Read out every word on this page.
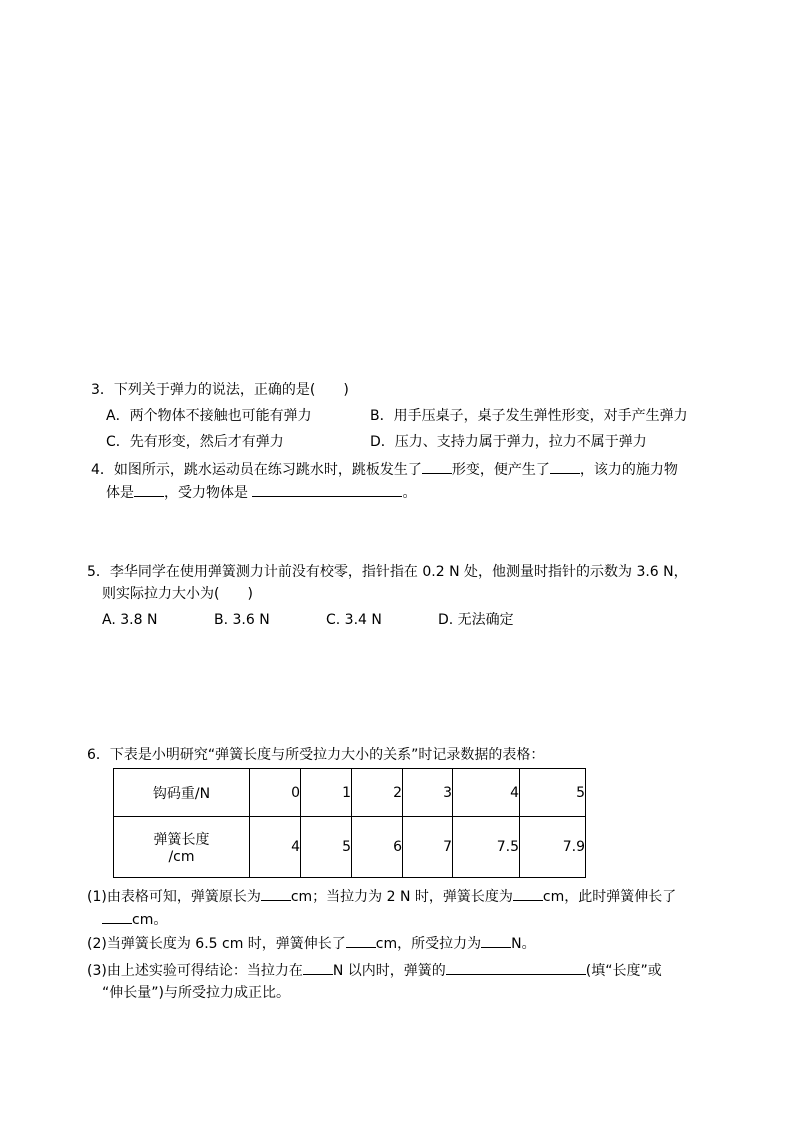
3．下列关于弹力的说法，正确的是(　　)
A．两个物体不接触也可能有弹力	B．用手压桌子，桌子发生弹性形变，对手产生弹力
C．先有形变，然后才有弹力	D．压力、支持力属于弹力，拉力不属于弹力
4．如图所示，跳水运动员在练习跳水时，跳板发生了 形变，便产生了 ，该力的施力物
体是 ，受力物体是	。
5．李华同学在使用弹簧测力计前没有校零，指针指在 0.2 N 处，他测量时指针的示数为 3.6 N，
则实际拉力大小为(　　)
A. 3.8 N	B. 3.6 N	C. 3.4 N	D. 无法确定
6．下表是小明研究“弹簧长度与所受拉力大小的关系”时记录数据的表格：
钩码重/N	0	1	2	3	4	5

弹簧长度
/cm	4	5	6	7	7.5	7.9
(1)由表格可知，弹簧原长为 cm；当拉力为 2 N 时，弹簧长度为 cm，此时弹簧伸长了
cm。
(2)当弹簧长度为 6.5 cm 时，弹簧伸长了 cm，所受拉力为 N。
(3)由上述实验可得结论：当拉力在 N 以内时，弹簧的	(填“长度”或
“伸长量”)与所受拉力成正比。
